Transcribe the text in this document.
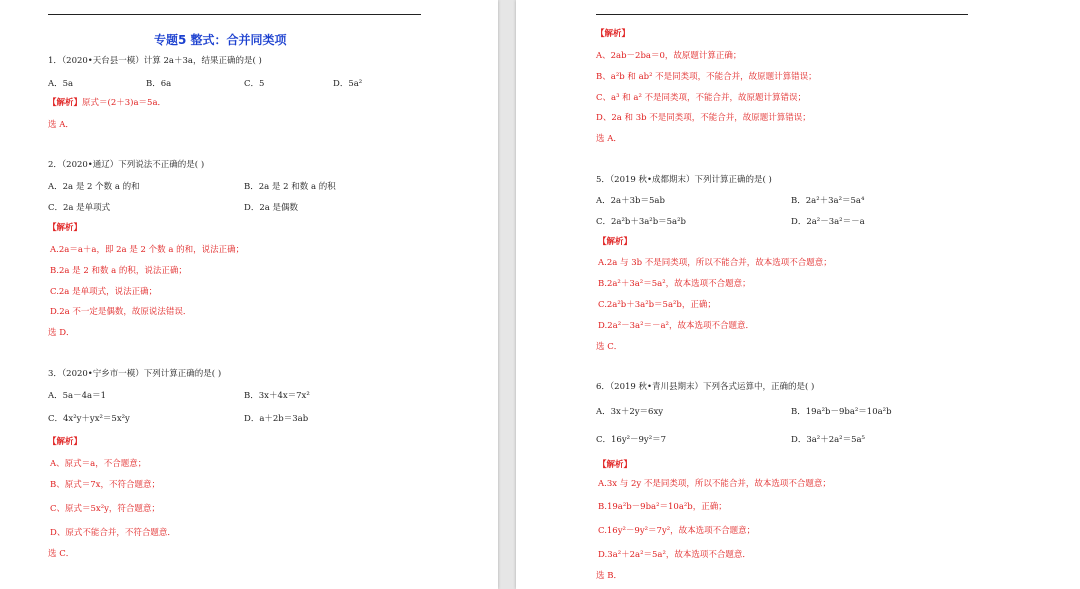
专题5 整式：合并同类项
1．（2020•天台县一模）计算 2a＋3a，结果正确的是( )
A．5a	B．6a	C．5	D．5a²
【解析】原式＝(2＋3)a＝5a．
选 A．
2．（2020•通辽）下列说法不正确的是( )
A．2a 是 2 个数 a 的和	B．2a 是 2 和数 a 的积
C．2a 是单项式	D．2a 是偶数
【解析】
A.2a＝a＋a，即 2a 是 2 个数 a 的和，说法正确；
B.2a 是 2 和数 a 的积，说法正确；
C.2a 是单项式，说法正确；
D.2a 不一定是偶数，故原说法错误．
选 D．
3．（2020•宁乡市一模）下列计算正确的是( )
A．5a－4a＝1	B．3x＋4x＝7x²
C．4x²y＋yx²＝5x²y	D．a＋2b＝3ab
【解析】
A、原式＝a，不合题意；
B、原式＝7x，不符合题意；
C、原式＝5x²y，符合题意；
D、原式不能合并，不符合题意．
选 C．
【解析】
A、2ab－2ba＝0，故原题计算正确；
B、a²b 和 ab² 不是同类项，不能合并，故原题计算错误；
C、a³ 和 a² 不是同类项，不能合并，故原题计算错误；
D、2a 和 3b 不是同类项，不能合并，故原题计算错误；
选 A．
5．（2019 秋•成都期末）下列计算正确的是( )
A．2a＋3b＝5ab	B．2a²＋3a²＝5a⁴
C．2a²b＋3a²b＝5a²b	D．2a²－3a²＝－a
【解析】
A.2a 与 3b 不是同类项，所以不能合并，故本选项不合题意；
B.2a²＋3a²＝5a²，故本选项不合题意；
C.2a²b＋3a²b＝5a²b，正确；
D.2a²－3a²＝－a²，故本选项不合题意．
选 C．
6．（2019 秋•青川县期末）下列各式运算中，正确的是( )
A．3x＋2y＝6xy	B．19a²b－9ba²＝10a²b
C．16y²－9y²＝7	D．3a²＋2a²＝5a⁵
【解析】
A.3x 与 2y 不是同类项，所以不能合并，故本选项不合题意；
B.19a²b－9ba²＝10a²b，正确；
C.16y²－9y²＝7y²，故本选项不合题意；
D.3a²＋2a²＝5a²，故本选项不合题意．
选 B．
